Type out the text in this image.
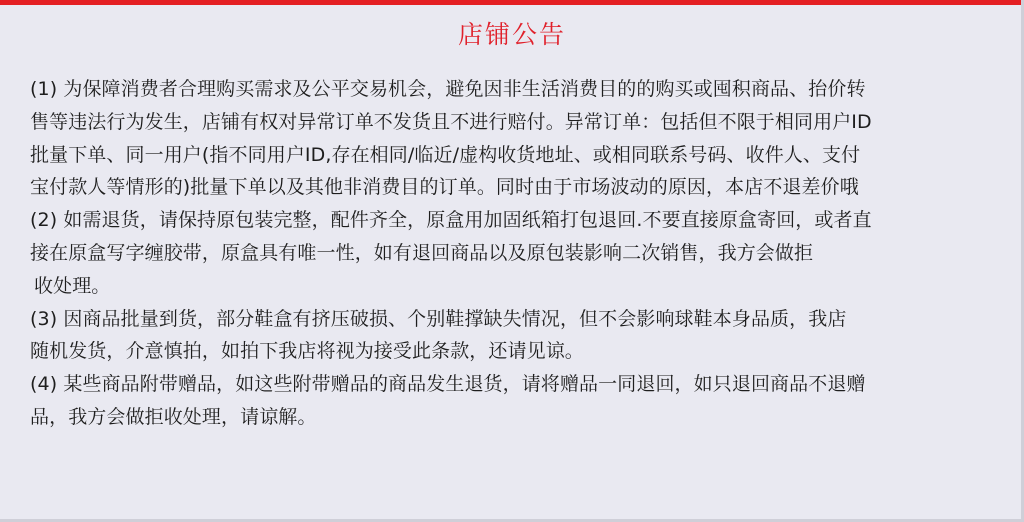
店铺公告
(1) 为保障消费者合理购买需求及公平交易机会，避免因非生活消费目的的购买或囤积商品、抬价转
售等违法行为发生，店铺有权对异常订单不发货且不进行赔付。异常订单：包括但不限于相同用户ID
批量下单、同一用户(指不同用户ID,存在相同/临近/虚构收货地址、或相同联系号码、收件人、支付
宝付款人等情形的)批量下单以及其他非消费目的订单。同时由于市场波动的原因，本店不退差价哦
(2) 如需退货，请保持原包装完整，配件齐全，原盒用加固纸箱打包退回.不要直接原盒寄回，或者直
接在原盒写字缠胶带，原盒具有唯一性，如有退回商品以及原包装影响二次销售，我方会做拒
收处理。
(3) 因商品批量到货，部分鞋盒有挤压破损、个别鞋撑缺失情况，但不会影响球鞋本身品质，我店
随机发货，介意慎拍，如拍下我店将视为接受此条款，还请见谅。
(4) 某些商品附带赠品，如这些附带赠品的商品发生退货，请将赠品一同退回，如只退回商品不退赠
品，我方会做拒收处理，请谅解。
